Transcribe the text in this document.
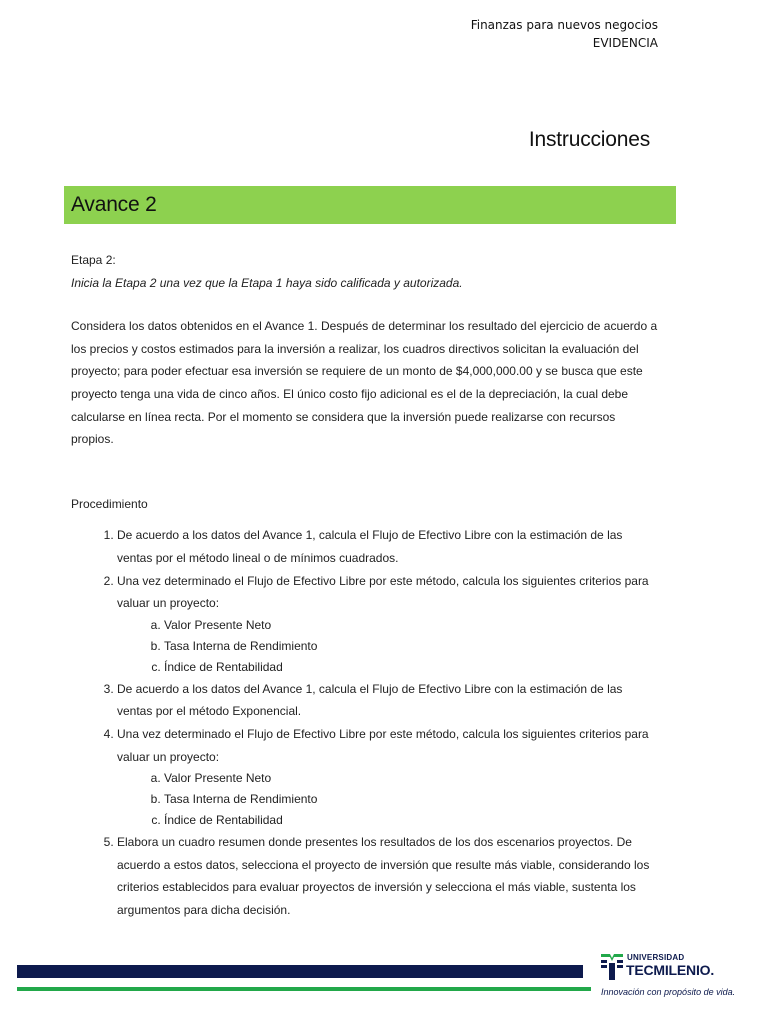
Finanzas para nuevos negocios
EVIDENCIA
Instrucciones
Avance 2

Etapa 2:

Inicia la Etapa 2 una vez que la Etapa 1 haya sido calificada y autorizada.

Considera los datos obtenidos en el Avance 1. Después de determinar los resultado del ejercicio de acuerdo a los precios y costos estimados para la inversión a realizar, los cuadros directivos solicitan la evaluación del proyecto; para poder efectuar esa inversión se requiere de un monto de $4,000,000.00 y se busca que este proyecto tenga una vida de cinco años. El único costo fijo adicional es el de la depreciación, la cual debe calcularse en línea recta. Por el momento se considera que la inversión puede realizarse con recursos propios.

Procedimiento

1. De acuerdo a los datos del Avance 1, calcula el Flujo de Efectivo Libre con la estimación de las ventas por el método lineal o de mínimos cuadrados.
2. Una vez determinado el Flujo de Efectivo Libre por este método, calcula los siguientes criterios para valuar un proyecto:
a. Valor Presente Neto
b. Tasa Interna de Rendimiento
c. Índice de Rentabilidad
3. De acuerdo a los datos del Avance 1, calcula el Flujo de Efectivo Libre con la estimación de las ventas por el método Exponencial.
4. Una vez determinado el Flujo de Efectivo Libre por este método, calcula los siguientes criterios para valuar un proyecto:
a. Valor Presente Neto
b. Tasa Interna de Rendimiento
c. Índice de Rentabilidad
5. Elabora un cuadro resumen donde presentes los resultados de los dos escenarios proyectos. De acuerdo a estos datos, selecciona el proyecto de inversión que resulte más viable, considerando los criterios establecidos para evaluar proyectos de inversión y selecciona el más viable, sustenta los argumentos para dicha decisión.
UNIVERSIDAD
TECMILENIO.
Innovación con propósito de vida.
